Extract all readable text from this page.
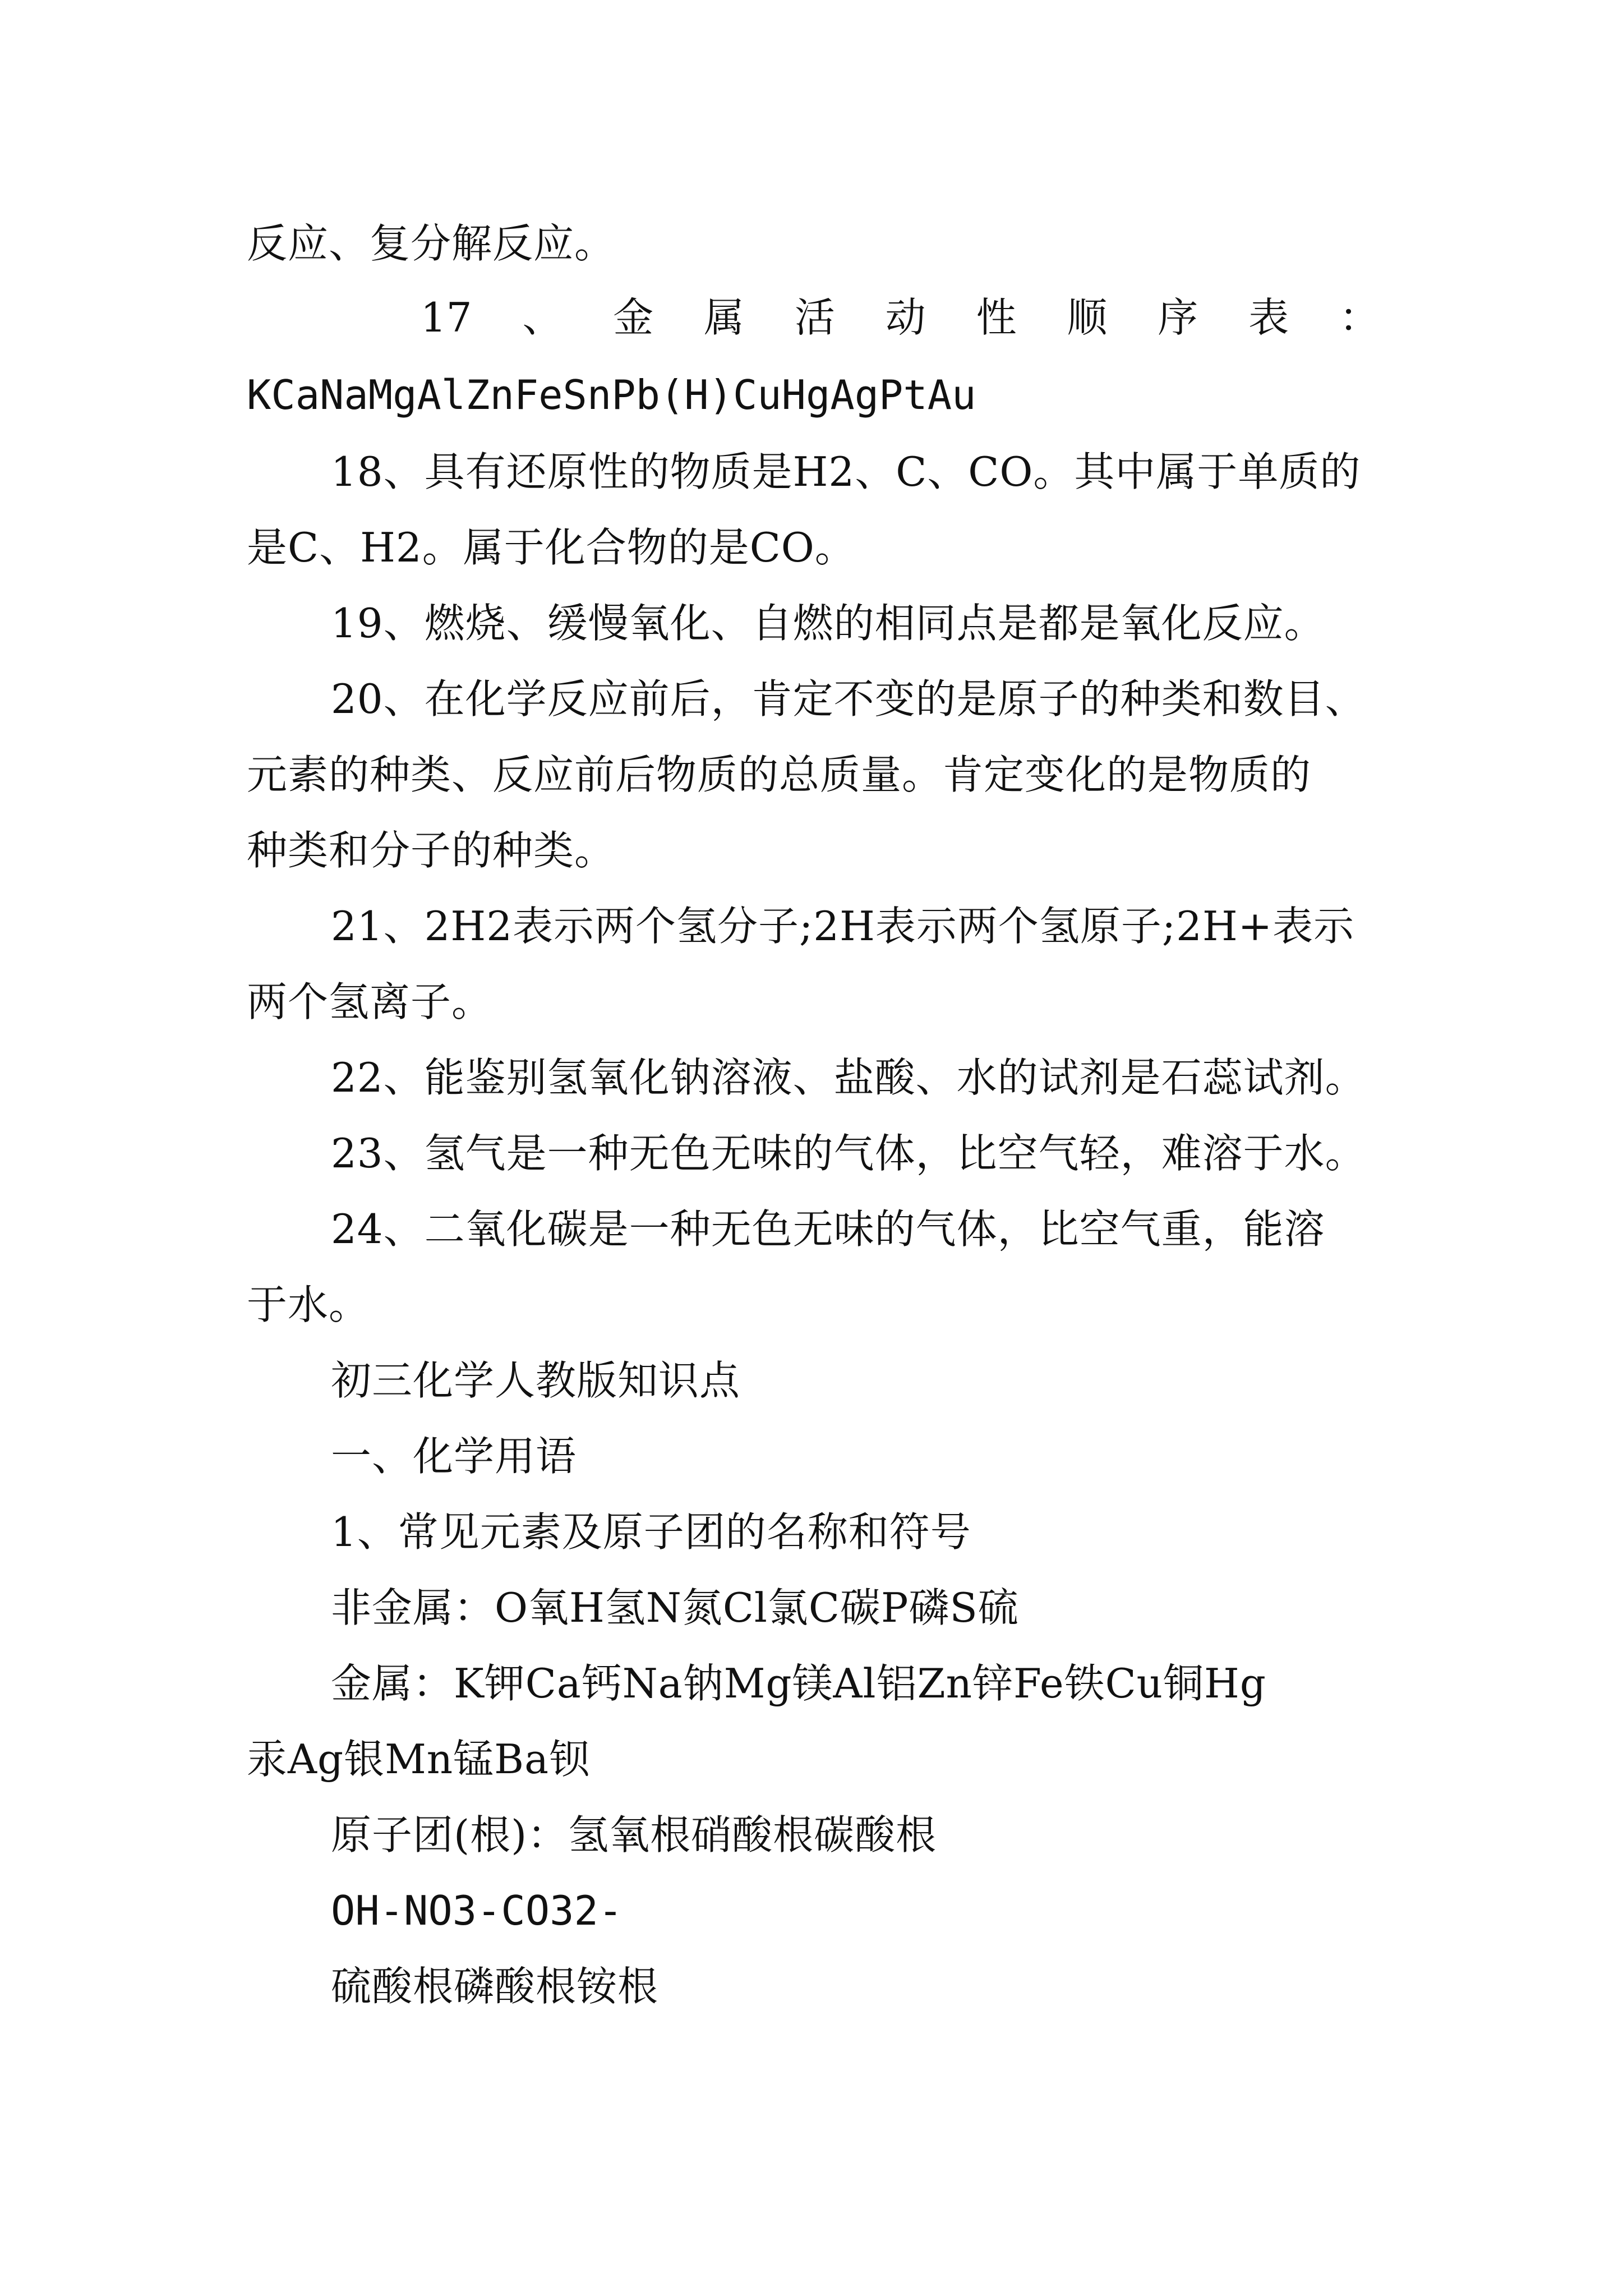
反应、复分解反应。
17 、 金 属 活 动 性 顺 序 表 ：
KCaNaMgAlZnFeSnPb(H)CuHgAgPtAu
18、具有还原性的物质是H2、C、CO。其中属于单质的
是C、H2。属于化合物的是CO。
19、燃烧、缓慢氧化、自燃的相同点是都是氧化反应。
20、在化学反应前后，肯定不变的是原子的种类和数目、
元素的种类、反应前后物质的总质量。肯定变化的是物质的
种类和分子的种类。
21、2H2表示两个氢分子;2H表示两个氢原子;2H+表示
两个氢离子。
22、能鉴别氢氧化钠溶液、盐酸、水的试剂是石蕊试剂。
23、氢气是一种无色无味的气体，比空气轻，难溶于水。
24、二氧化碳是一种无色无味的气体，比空气重，能溶
于水。
初三化学人教版知识点
一、化学用语
1、常见元素及原子团的名称和符号
非金属：O氧H氢N氮Cl氯C碳P磷S硫
金属：K钾Ca钙Na钠Mg镁Al铝Zn锌Fe铁Cu铜Hg
汞Ag银Mn锰Ba钡
原子团(根)：氢氧根硝酸根碳酸根
OH-NO3-CO32-
硫酸根磷酸根铵根
